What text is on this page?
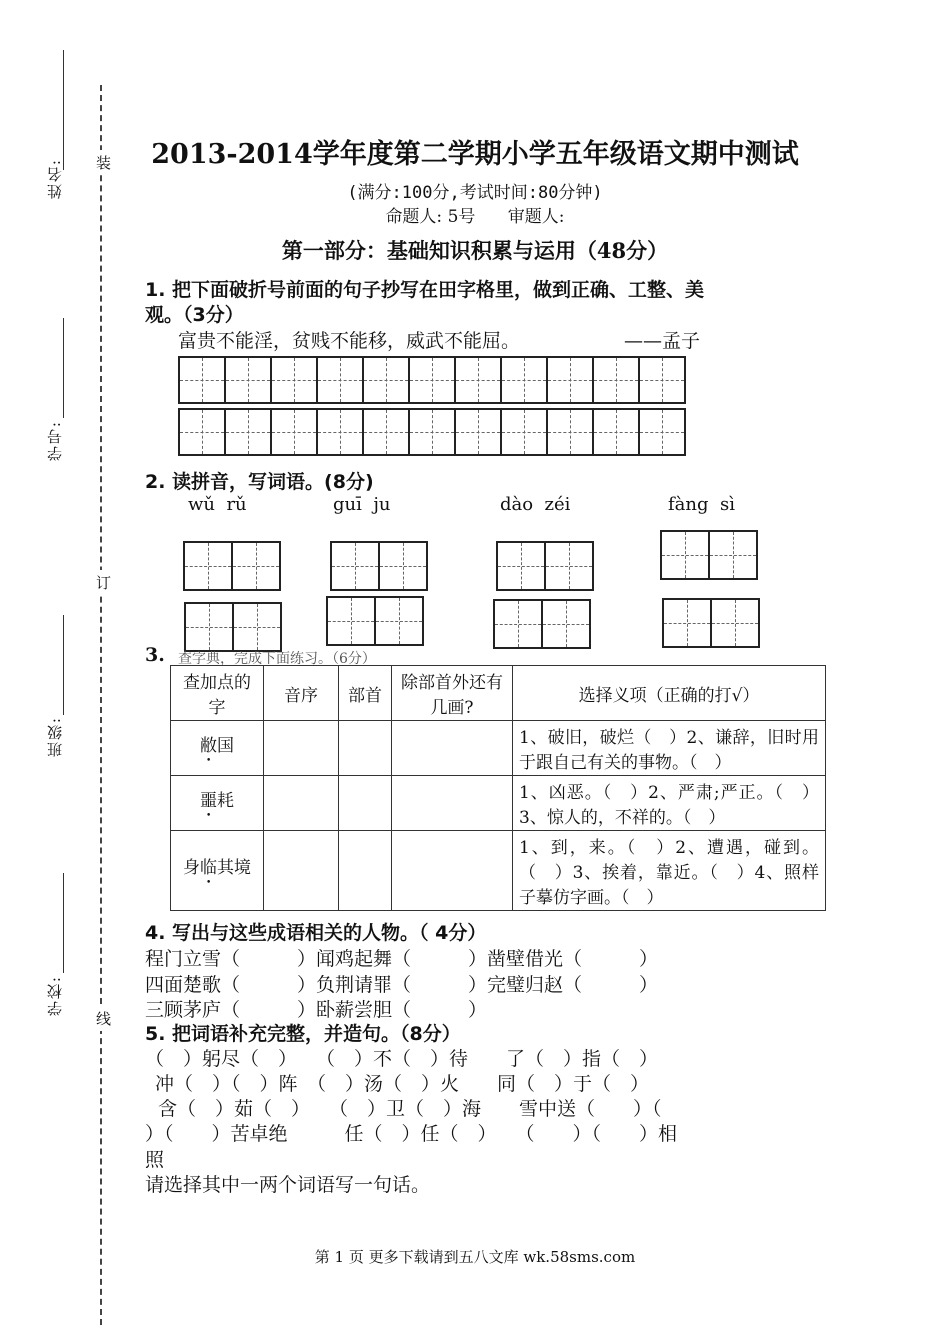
姓名:
学号:
班级:
学校:
装
订
线
2013-2014学年度第二学期小学五年级语文期中测试
(满分:100分,考试时间:80分钟)
命题人: 5号      审题人:
第一部分：基础知识积累与运用（48分）
1. 把下面破折号前面的句子抄写在田字格里，做到正确、工整、美
观。（3分）
富贵不能淫，贫贱不能移，威武不能屈。	——孟子
2. 读拼音，写词语。(8分)
wǔ  rǔ	guī  ju	dào  zéi	fàng  sì
3. 查字典，完成下面练习。（6分）
查加点的字	音序	部首	除部首外还有几画?	选择义项（正确的打√）
敝国				1、破旧，破烂（　）2、谦辞，旧时用于跟自己有关的事物。（　）
噩耗				1、凶恶。（　）2、严肃;严正。（　）3、惊人的，不祥的。（　）
身临其境				1、到，来。（　）2、遭遇，碰到。（　）3、挨着，靠近。（　）4、照样子摹仿字画。（　）
4. 写出与这些成语相关的人物。（ 4分）
程门立雪（　　　）闻鸡起舞（　　　）凿壁借光（　　　）
四面楚歌（　　　）负荆请罪（　　　）完璧归赵（　　　）
三顾茅庐（　　　）卧薪尝胆（　　　）
5. 把词语补充完整，并造句。（8分）
（　）躬尽（　）　　（　）不（　）待　　了（　）指（　）
冲（　）（　）阵　（　）汤（　）火　　同（　）于（　）
含（　）茹（　）　　（　）卫（　）海　　雪中送（　　）（
）（　　）苦卓绝　　　任（　）任（　）　　（　　）（　　）相
照
请选择其中一两个词语写一句话。
第 1 页 更多下载请到五八文库 wk.58sms.com
